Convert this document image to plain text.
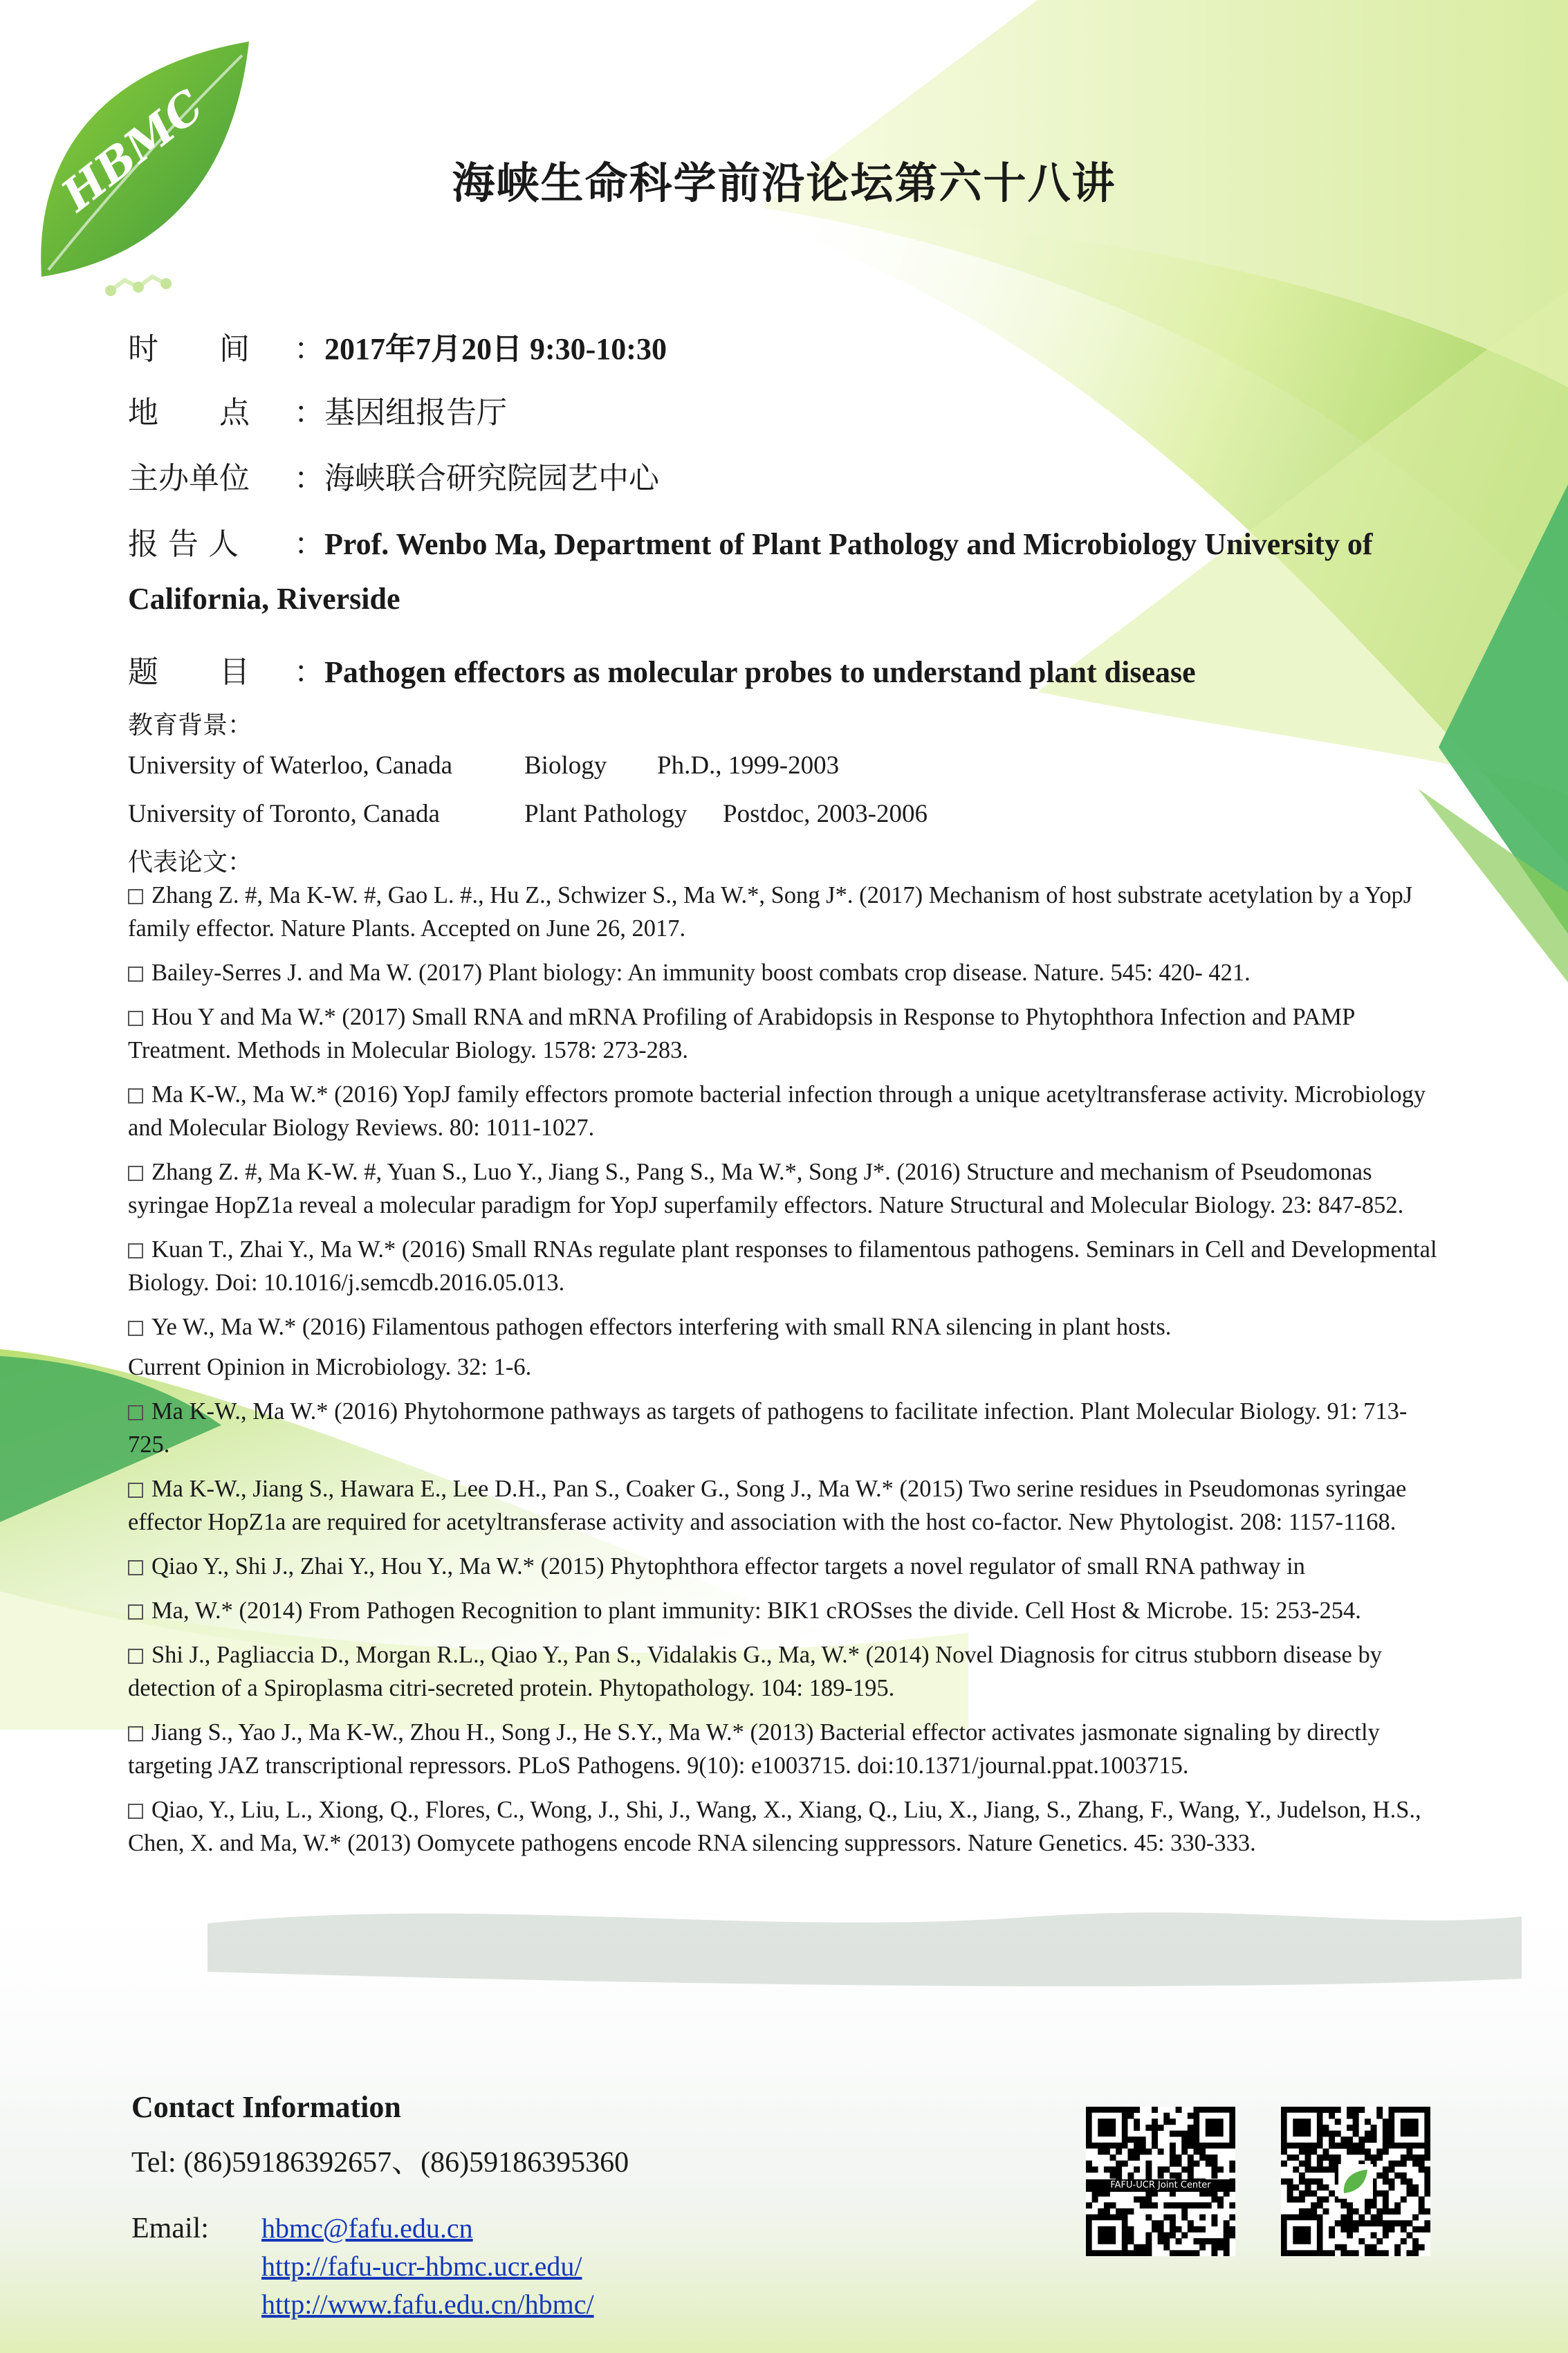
HBMC	海峡生命科学前沿论坛第六十八讲
时　　间 ：2017年7月20日 9:30-10:30
地　　点 ：基因组报告厅
主办单位 ：海峡联合研究院园艺中心
报 告 人 ：Prof. Wenbo Ma, Department of Plant Pathology and Microbiology University of
California, Riverside
题　　目 ：Pathogen effectors as molecular probes to understand plant disease
教育背景：
University of Waterloo, Canada	Biology Ph.D., 1999-2003
University of Toronto, Canada	Plant Pathology Postdoc, 2003-2006
代表论文：
Zhang Z. #, Ma K-W. #, Gao L. #., Hu Z., Schwizer S., Ma W.*, Song J*. (2017) Mechanism of host substrate acetylation by a YopJ family effector. Nature Plants. Accepted on June 26, 2017.
Bailey-Serres J. and Ma W. (2017) Plant biology: An immunity boost combats crop disease. Nature. 545: 420- 421.
Hou Y and Ma W.* (2017) Small RNA and mRNA Profiling of Arabidopsis in Response to Phytophthora Infection and PAMP Treatment. Methods in Molecular Biology. 1578: 273-283.
Ma K-W., Ma W.* (2016) YopJ family effectors promote bacterial infection through a unique acetyltransferase activity. Microbiology and Molecular Biology Reviews. 80: 1011-1027.
Zhang Z. #, Ma K-W. #, Yuan S., Luo Y., Jiang S., Pang S., Ma W.*, Song J*. (2016) Structure and mechanism of Pseudomonas syringae HopZ1a reveal a molecular paradigm for YopJ superfamily effectors. Nature Structural and Molecular Biology. 23: 847-852.
Kuan T., Zhai Y., Ma W.* (2016) Small RNAs regulate plant responses to filamentous pathogens. Seminars in Cell and Developmental Biology. Doi: 10.1016/j.semcdb.2016.05.013.
Ye W., Ma W.* (2016) Filamentous pathogen effectors interfering with small RNA silencing in plant hosts.
Current Opinion in Microbiology. 32: 1-6.
Ma K-W., Ma W.* (2016) Phytohormone pathways as targets of pathogens to facilitate infection. Plant Molecular Biology. 91: 713-725.
Ma K-W., Jiang S., Hawara E., Lee D.H., Pan S., Coaker G., Song J., Ma W.* (2015) Two serine residues in Pseudomonas syringae effector HopZ1a are required for acetyltransferase activity and association with the host co-factor. New Phytologist. 208: 1157-1168.
Qiao Y., Shi J., Zhai Y., Hou Y., Ma W.* (2015) Phytophthora effector targets a novel regulator of small RNA pathway in
Ma, W.* (2014) From Pathogen Recognition to plant immunity: BIK1 cROSses the divide. Cell Host & Microbe. 15: 253-254.
Shi J., Pagliaccia D., Morgan R.L., Qiao Y., Pan S., Vidalakis G., Ma, W.* (2014) Novel Diagnosis for citrus stubborn disease by detection of a Spiroplasma citri-secreted protein. Phytopathology. 104: 189-195.
Jiang S., Yao J., Ma K-W., Zhou H., Song J., He S.Y., Ma W.* (2013) Bacterial effector activates jasmonate signaling by directly targeting JAZ transcriptional repressors. PLoS Pathogens. 9(10): e1003715. doi:10.1371/journal.ppat.1003715.
Qiao, Y., Liu, L., Xiong, Q., Flores, C., Wong, J., Shi, J., Wang, X., Xiang, Q., Liu, X., Jiang, S., Zhang, F., Wang, Y., Judelson, H.S., Chen, X. and Ma, W.* (2013) Oomycete pathogens encode RNA silencing suppressors. Nature Genetics. 45: 330-333.
Contact Information
Tel: (86)59186392657、(86)59186395360
Email: hbmc@fafu.edu.cn
http://fafu-ucr-hbmc.ucr.edu/
http://www.fafu.edu.cn/hbmc/
FAFU-UCR Joint Center
